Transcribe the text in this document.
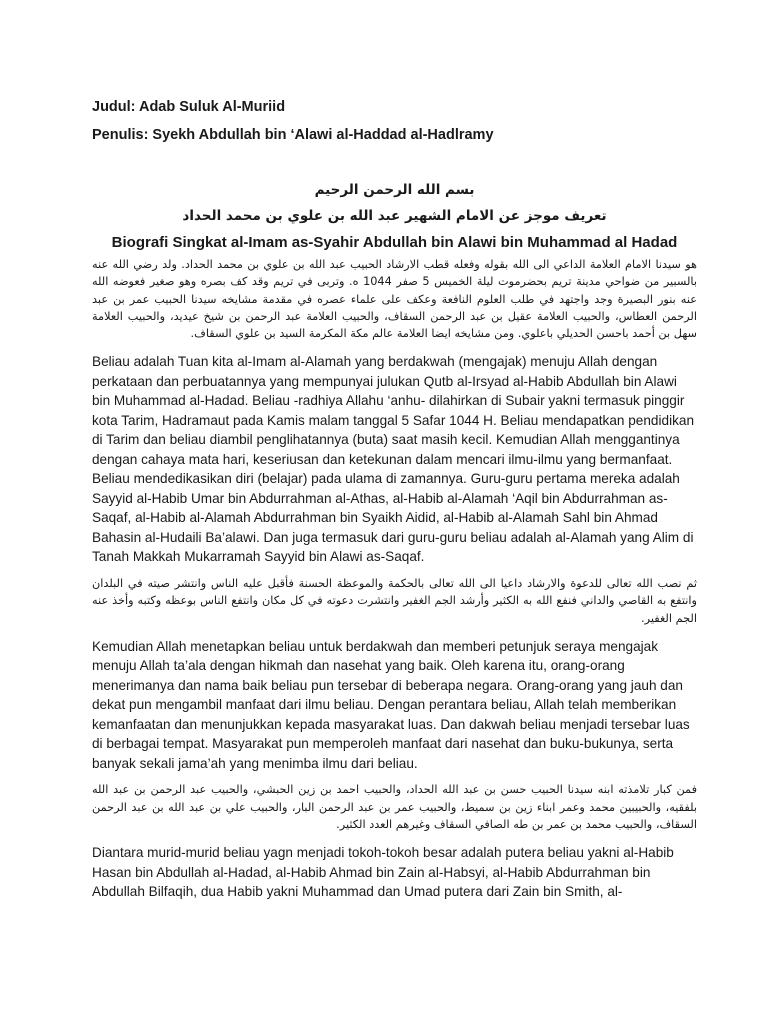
Judul: Adab Suluk Al-Muriid

Penulis: Syekh Abdullah bin ‘Alawi al-Haddad al-Hadlramy

بسم الله الرحمن الرحيم
تعريف موجز عن الامام الشهير عبد الله بن علوي بن محمد الحداد
Biografi Singkat al-Imam as-Syahir Abdullah bin Alawi bin Muhammad al Hadad

هو سيدنا الامام العلامة الداعي الى الله بقوله وفعله قطب الارشاد الحبيب عبد الله بن علوي بن محمد الحداد. ولد رضي الله عنه بالسبير من ضواحي مدينة تريم بحضرموت ليلة الخميس 5 صفر 1044 ه. وتربى في تريم وقد كف بصره وهو صغير فعوضه الله عنه بنور البصيرة وجد واجتهد في طلب العلوم النافعة وعكف على علماء عصره في مقدمة مشايخه سيدنا الحبيب عمر بن عبد الرحمن العطاس، والحبيب العلامة عقيل بن عبد الرحمن السقاف، والحبيب العلامة عبد الرحمن بن شيخ عيديد، والحبيب العلامة سهل بن أحمد باحسن الحديلي باعلوي. ومن مشايخه ايضا العلامة عالم مكة المكرمة السيد بن علوي السقاف.

Beliau adalah Tuan kita al-Imam al-Alamah yang berdakwah (mengajak) menuju Allah dengan perkataan dan perbuatannya yang mempunyai julukan Qutb al-Irsyad al-Habib Abdullah bin Alawi bin Muhammad al-Hadad. Beliau -radhiya Allahu ‘anhu- dilahirkan di Subair yakni termasuk pinggir kota Tarim, Hadramaut pada Kamis malam tanggal 5 Safar 1044 H. Beliau mendapatkan pendidikan di Tarim dan beliau diambil penglihatannya (buta) saat masih kecil. Kemudian Allah menggantinya dengan cahaya mata hari, keseriusan dan ketekunan dalam mencari ilmu-ilmu yang bermanfaat. Beliau mendedikasikan diri (belajar) pada ulama di zamannya. Guru-guru pertama mereka adalah Sayyid al-Habib Umar bin Abdurrahman al-Athas, al-Habib al-Alamah ‘Aqil bin Abdurrahman as-Saqaf, al-Habib al-Alamah Abdurrahman bin Syaikh Aidid, al-Habib al-Alamah Sahl bin Ahmad Bahasin al-Hudaili Ba’alawi. Dan juga termasuk dari guru-guru beliau adalah al-Alamah yang Alim di Tanah Makkah Mukarramah Sayyid bin Alawi as-Saqaf.

ثم نصب الله تعالى للدعوة والارشاد داعيا الى الله تعالى بالحكمة والموعظة الحسنة فأقبل عليه الناس وانتشر صيته في البلدان وانتفع به القاصي والداني فنفع الله به الكثير وأرشد الجم الغفير وانتشرت دعوته في كل مكان وانتفع الناس بوعظه وكتبه وأخذ عنه الجم الغفير.

Kemudian Allah menetapkan beliau untuk berdakwah dan memberi petunjuk seraya mengajak menuju Allah ta’ala dengan hikmah dan nasehat yang baik. Oleh karena itu, orang-orang menerimanya dan nama baik beliau pun tersebar di beberapa negara. Orang-orang yang jauh dan dekat pun mengambil manfaat dari ilmu beliau. Dengan perantara beliau, Allah telah memberikan kemanfaatan dan menunjukkan kepada masyarakat luas. Dan dakwah beliau menjadi tersebar luas di berbagai tempat. Masyarakat pun memperoleh manfaat dari nasehat dan buku-bukunya, serta banyak sekali jama’ah yang menimba ilmu dari beliau.

فمن كبار تلامذته ابنه سيدنا الحبيب حسن بن عبد الله الحداد، والحبيب احمد بن زين الحبشي، والحبيب عبد الرحمن بن عبد الله بلفقيه، والحبيبين محمد وعمر ابناء زين بن سميط، والحبيب عمر بن عبد الرحمن البار، والحبيب علي بن عبد الله بن عبد الرحمن السقاف، والحبيب محمد بن عمر بن طه الصافي السقاف وغيرهم العدد الكثير.

Diantara murid-murid beliau yagn menjadi tokoh-tokoh besar adalah putera beliau yakni al-Habib Hasan bin Abdullah al-Hadad, al-Habib Ahmad bin Zain al-Habsyi, al-Habib Abdurrahman bin Abdullah Bilfaqih, dua Habib yakni Muhammad dan Umad putera dari Zain bin Smith, al-
